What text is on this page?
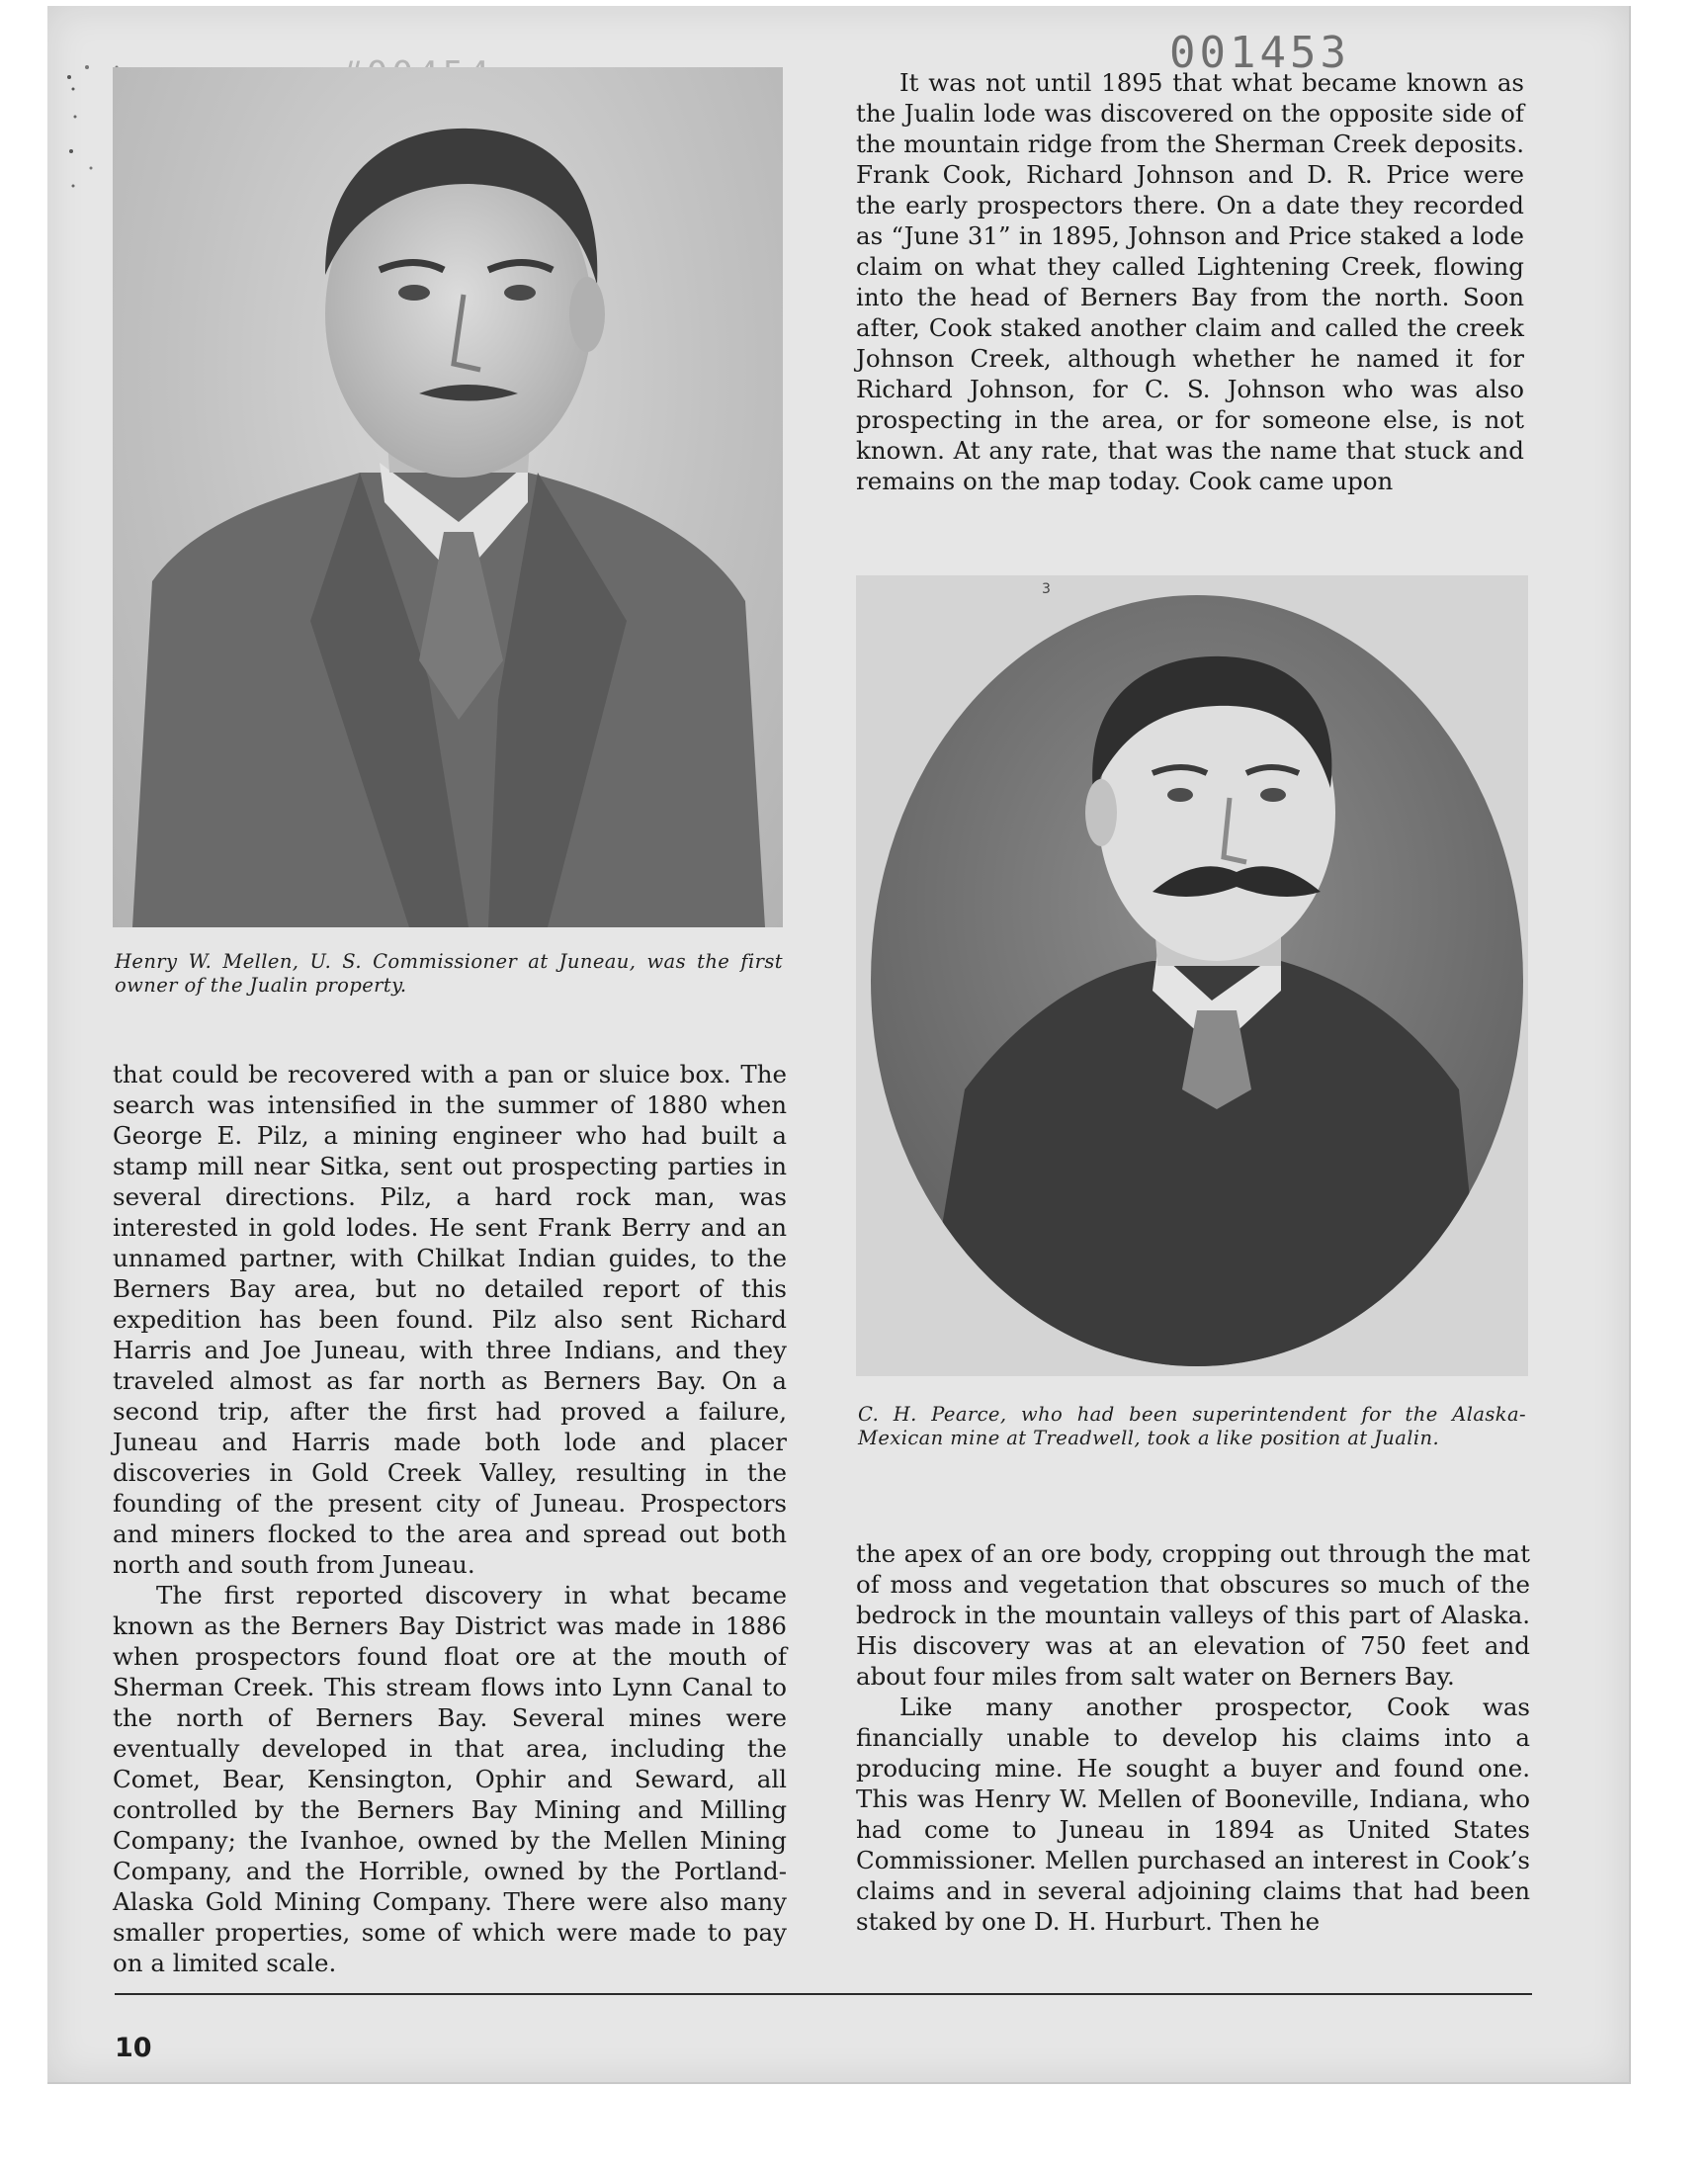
001453
Henry W. Mellen, U. S. Commissioner at Juneau, was the first owner of the Jualin property.

It was not until 1895 that what became known as the Jualin lode was discovered on the opposite side of the mountain ridge from the Sherman Creek deposits. Frank Cook, Richard Johnson and D. R. Price were the early prospectors there. On a date they recorded as “June 31” in 1895, Johnson and Price staked a lode claim on what they called Lightening Creek, flowing into the head of Berners Bay from the north. Soon after, Cook staked another claim and called the creek Johnson Creek, although whether he named it for Richard Johnson, for C. S. Johnson who was also prospecting in the area, or for someone else, is not known. At any rate, that was the name that stuck and remains on the map today. Cook came upon

3
C. H. Pearce, who had been superintendent for the Alaska-Mexican mine at Treadwell, took a like position at Jualin.

that could be recovered with a pan or sluice box. The search was intensified in the summer of 1880 when George E. Pilz, a mining engineer who had built a stamp mill near Sitka, sent out prospecting parties in several directions. Pilz, a hard rock man, was interested in gold lodes. He sent Frank Berry and an unnamed partner, with Chilkat Indian guides, to the Berners Bay area, but no detailed report of this expedition has been found. Pilz also sent Richard Harris and Joe Juneau, with three Indians, and they traveled almost as far north as Berners Bay. On a second trip, after the first had proved a failure, Juneau and Harris made both lode and placer discoveries in Gold Creek Valley, resulting in the founding of the present city of Juneau. Prospectors and miners flocked to the area and spread out both north and south from Juneau.

The first reported discovery in what became known as the Berners Bay District was made in 1886 when prospectors found float ore at the mouth of Sherman Creek. This stream flows into Lynn Canal to the north of Berners Bay. Several mines were eventually developed in that area, including the Comet, Bear, Kensington, Ophir and Seward, all controlled by the Berners Bay Mining and Milling Company; the Ivanhoe, owned by the Mellen Mining Company, and the Horrible, owned by the Portland-Alaska Gold Mining Company. There were also many smaller properties, some of which were made to pay on a limited scale.

the apex of an ore body, cropping out through the mat of moss and vegetation that obscures so much of the bedrock in the mountain valleys of this part of Alaska. His discovery was at an elevation of 750 feet and about four miles from salt water on Berners Bay.

Like many another prospector, Cook was financially unable to develop his claims into a producing mine. He sought a buyer and found one. This was Henry W. Mellen of Booneville, Indiana, who had come to Juneau in 1894 as United States Commissioner. Mellen purchased an interest in Cook’s claims and in several adjoining claims that had been staked by one D. H. Hurburt. Then he

10
